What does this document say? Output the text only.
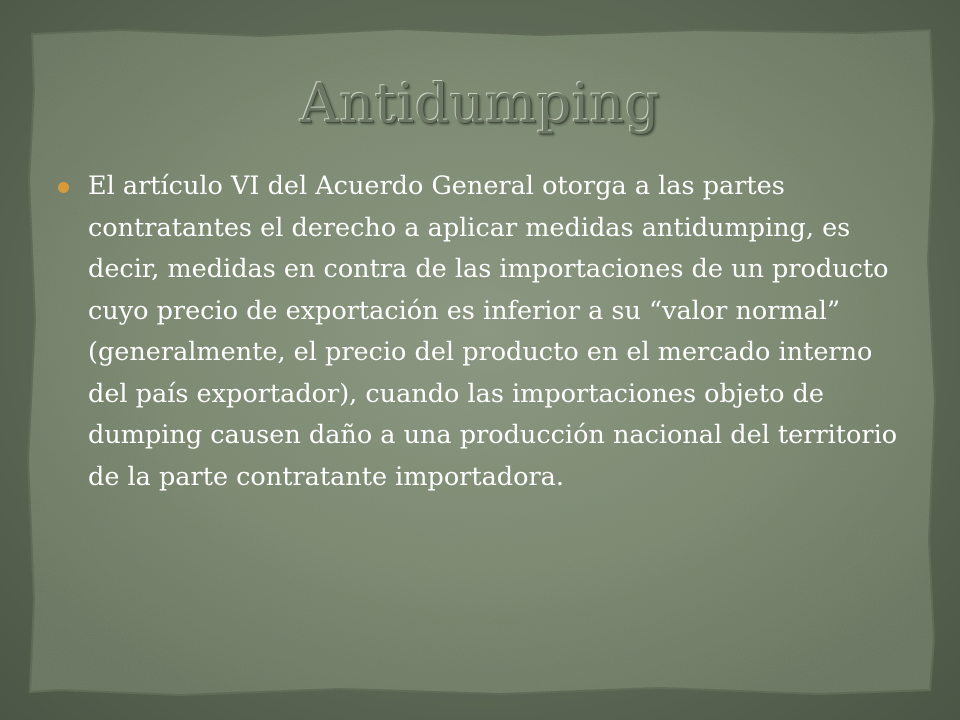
Antidumping

El artículo VI del Acuerdo General otorga a las partes contratantes el derecho a aplicar medidas antidumping, es decir, medidas en contra de las importaciones de un producto cuyo precio de exportación es inferior a su “valor normal” (generalmente, el precio del producto en el mercado interno del país exportador), cuando las importaciones objeto de dumping causen daño a una producción nacional del territorio de la parte contratante importadora.
